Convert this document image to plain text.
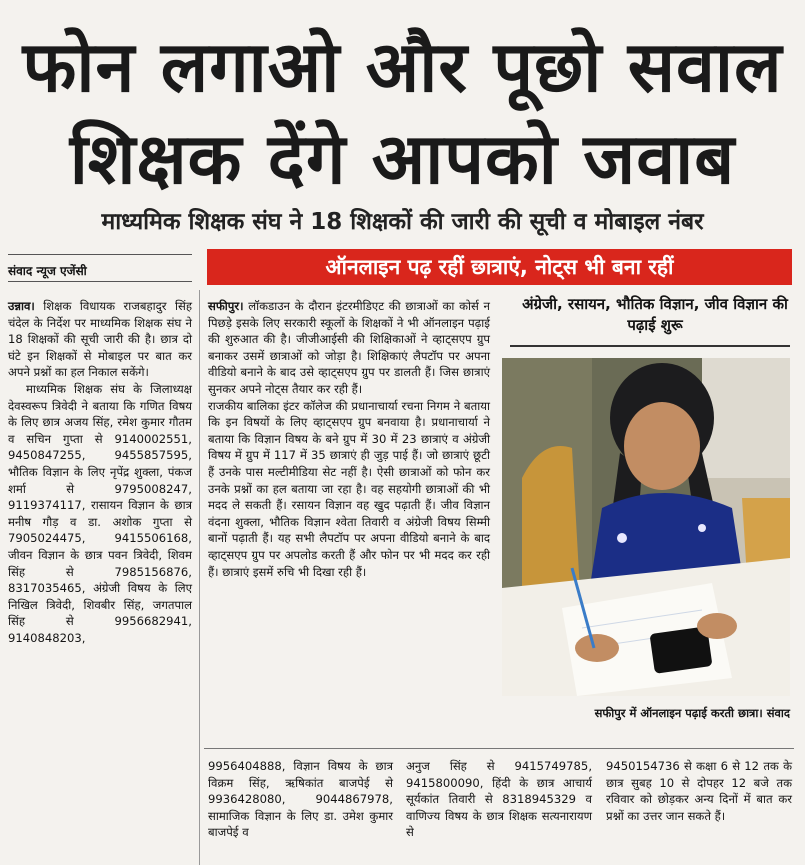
फोन लगाओ और पूछो सवाल
शिक्षक देंगे आपको जवाब
माध्यमिक शिक्षक संघ ने 18 शिक्षकों की जारी की सूची व मोबाइल नंबर
संवाद न्यूज एजेंसी	ऑनलाइन पढ़ रहीं छात्राएं, नोट्स भी बना रहीं

उन्नाव। शिक्षक विधायक राजबहादुर सिंह चंदेल के निर्देश पर माध्यमिक शिक्षक संघ ने 18 शिक्षकों की सूची जारी की है। छात्र दो घंटे इन शिक्षकों से मोबाइल पर बात कर अपने प्रश्नों का हल निकाल सकेंगे।

माध्यमिक शिक्षक संघ के जिलाध्यक्ष देवस्वरूप त्रिवेदी ने बताया कि गणित विषय के लिए छात्र अजय सिंह, रमेश कुमार गौतम व सचिन गुप्ता से 9140002551, 9450847255, 9455857595, भौतिक विज्ञान के लिए नृपेंद्र शुक्ला, पंकज शर्मा से 9795008247, 9119374117, रासायन विज्ञान के छात्र मनीष गौड़ व डा. अशोक गुप्ता से 7905024475, 9415506168, जीवन विज्ञान के छात्र पवन त्रिवेदी, शिवम सिंह से 7985156876, 8317035465, अंग्रेजी विषय के लिए निखिल त्रिवेदी, शिवबीर सिंह, जगतपाल सिंह से 9956682941, 9140848203,

सफीपुर। लॉकडाउन के दौरान इंटरमीडिएट की छात्राओं का कोर्स न पिछड़े इसके लिए सरकारी स्कूलों के शिक्षकों ने भी ऑनलाइन पढ़ाई की शुरुआत की है। जीजीआईसी की शिक्षिकाओं ने व्हाट्सएप ग्रुप बनाकर उसमें छात्राओं को जोड़ा है। शिक्षिकाएं लैपटॉप पर अपना वीडियो बनाने के बाद उसे व्हाट्सएप ग्रुप पर डालती हैं। जिस छात्राएं सुनकर अपने नोट्स तैयार कर रही हैं।

राजकीय बालिका इंटर कॉलेज की प्रधानाचार्या रचना निगम ने बताया कि इन विषयों के लिए व्हाट्सएप ग्रुप बनवाया है। प्रधानाचार्या ने बताया कि विज्ञान विषय के बने ग्रुप में 30 में 23 छात्राएं व अंग्रेजी विषय में ग्रुप में 117 में 35 छात्राएं ही जुड़ पाई हैं। जो छात्राएं छूटी हैं उनके पास मल्टीमीडिया सेट नहीं है। ऐसी छात्राओं को फोन कर उनके प्रश्नों का हल बताया जा रहा है। वह सहयोगी छात्राओं की भी मदद ले सकती हैं। रसायन विज्ञान वह खुद पढ़ाती हैं। जीव विज्ञान वंदना शुक्ला, भौतिक विज्ञान श्वेता तिवारी व अंग्रेजी विषय सिम्मी बानों पढ़ाती हैं। यह सभी लैपटॉप पर अपना वीडियो बनाने के बाद व्हाट्सएप ग्रुप पर अपलोड करती हैं और फोन पर भी मदद कर रही हैं। छात्राएं इसमें रुचि भी दिखा रही हैं।

अंग्रेजी, रसायन, भौतिक विज्ञान, जीव विज्ञान की पढ़ाई शुरू
सफीपुर में ऑनलाइन पढ़ाई करती छात्रा। संवाद
9956404888, विज्ञान विषय के छात्र विक्रम सिंह, ऋषिकांत बाजपेई से 9936428080, 9044867978, सामाजिक विज्ञान के लिए डा. उमेश कुमार बाजपेई व
अनुज सिंह से 9415749785, 9415800090, हिंदी के छात्र आचार्य सूर्यकांत तिवारी से 8318945329 व वाणिज्य विषय के छात्र शिक्षक सत्यनारायण से
9450154736 से कक्षा 6 से 12 तक के छात्र सुबह 10 से दोपहर 12 बजे तक रविवार को छोड़कर अन्य दिनों में बात कर प्रश्नों का उत्तर जान सकते हैं।
